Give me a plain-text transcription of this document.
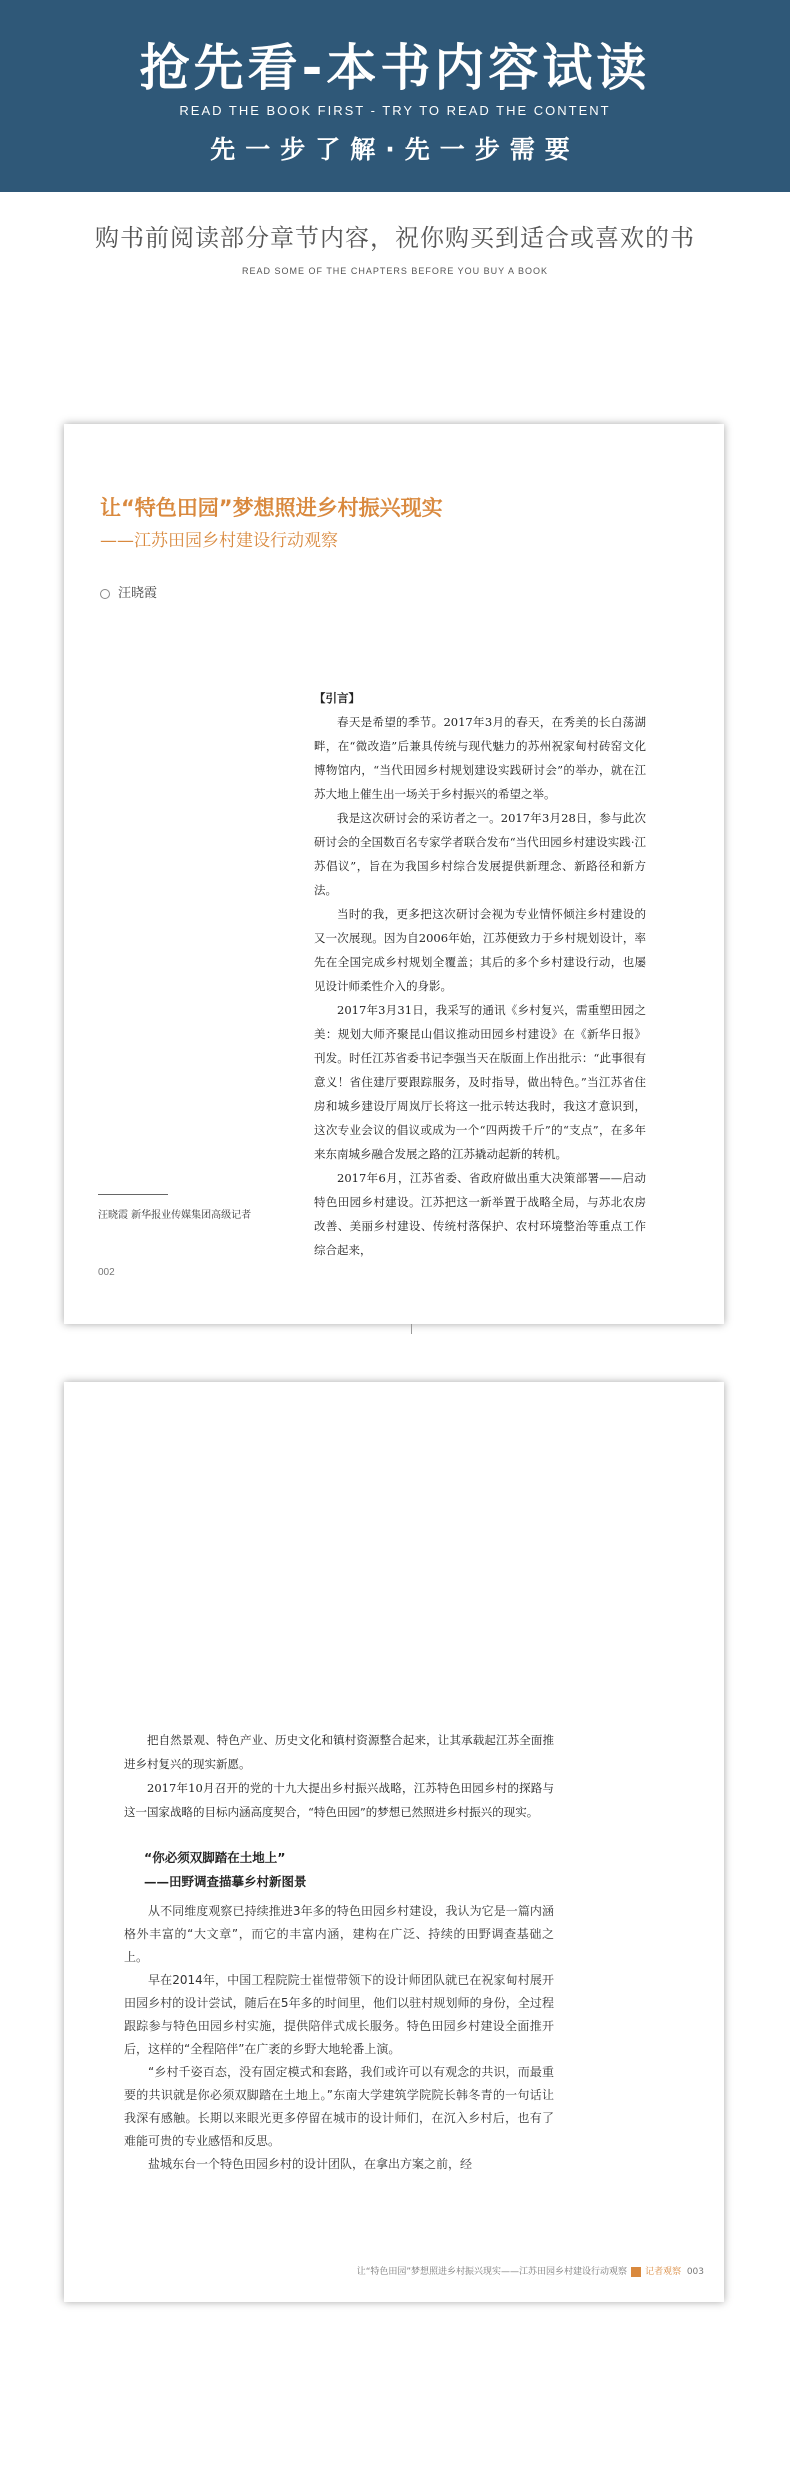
抢先看-本书内容试读
READ THE BOOK FIRST - TRY TO READ THE CONTENT
先一步了解·先一步需要
购书前阅读部分章节内容，祝你购买到适合或喜欢的书
READ SOME OF THE CHAPTERS BEFORE YOU BUY A BOOK
让“特色田园”梦想照进乡村振兴现实
——江苏田园乡村建设行动观察
汪晓霞

【引言】

春天是希望的季节。2017年3月的春天，在秀美的长白荡湖畔，在“微改造”后兼具传统与现代魅力的苏州祝家甸村砖窑文化博物馆内，“当代田园乡村规划建设实践研讨会”的举办，就在江苏大地上催生出一场关于乡村振兴的希望之举。

我是这次研讨会的采访者之一。2017年3月28日，参与此次研讨会的全国数百名专家学者联合发布“当代田园乡村建设实践·江苏倡议”，旨在为我国乡村综合发展提供新理念、新路径和新方法。

当时的我，更多把这次研讨会视为专业情怀倾注乡村建设的又一次展现。因为自2006年始，江苏便致力于乡村规划设计，率先在全国完成乡村规划全覆盖；其后的多个乡村建设行动，也屡见设计师柔性介入的身影。

2017年3月31日，我采写的通讯《乡村复兴，需重塑田园之美：规划大师齐聚昆山倡议推动田园乡村建设》在《新华日报》刊发。时任江苏省委书记李强当天在版面上作出批示：“此事很有意义！省住建厅要跟踪服务，及时指导，做出特色。”当江苏省住房和城乡建设厅周岚厅长将这一批示转达我时，我这才意识到，这次专业会议的倡议或成为一个“四两拨千斤”的“支点”，在多年来东南城乡融合发展之路的江苏撬动起新的转机。

2017年6月，江苏省委、省政府做出重大决策部署——启动特色田园乡村建设。江苏把这一新举置于战略全局，与苏北农房改善、美丽乡村建设、传统村落保护、农村环境整治等重点工作综合起来，

汪晓霞 新华报业传媒集团高级记者
002

把自然景观、特色产业、历史文化和镇村资源整合起来，让其承载起江苏全面推进乡村复兴的现实新愿。

2017年10月召开的党的十九大提出乡村振兴战略，江苏特色田园乡村的探路与这一国家战略的目标内涵高度契合，“特色田园”的梦想已然照进乡村振兴的现实。

“你必须双脚踏在土地上”
——田野调查描摹乡村新图景

从不同维度观察已持续推进3年多的特色田园乡村建设，我认为它是一篇内涵格外丰富的“大文章”，而它的丰富内涵，建构在广泛、持续的田野调查基础之上。

早在2014年，中国工程院院士崔愷带领下的设计师团队就已在祝家甸村展开田园乡村的设计尝试，随后在5年多的时间里，他们以驻村规划师的身份，全过程跟踪参与特色田园乡村实施，提供陪伴式成长服务。特色田园乡村建设全面推开后，这样的“全程陪伴”在广袤的乡野大地轮番上演。

“乡村千姿百态，没有固定模式和套路，我们或许可以有观念的共识，而最重要的共识就是你必须双脚踏在土地上。”东南大学建筑学院院长韩冬青的一句话让我深有感触。长期以来眼光更多停留在城市的设计师们，在沉入乡村后，也有了难能可贵的专业感悟和反思。

盐城东台一个特色田园乡村的设计团队，在拿出方案之前，经

让“特色田园”梦想照进乡村振兴现实——江苏田园乡村建设行动观察 记者观察 003
